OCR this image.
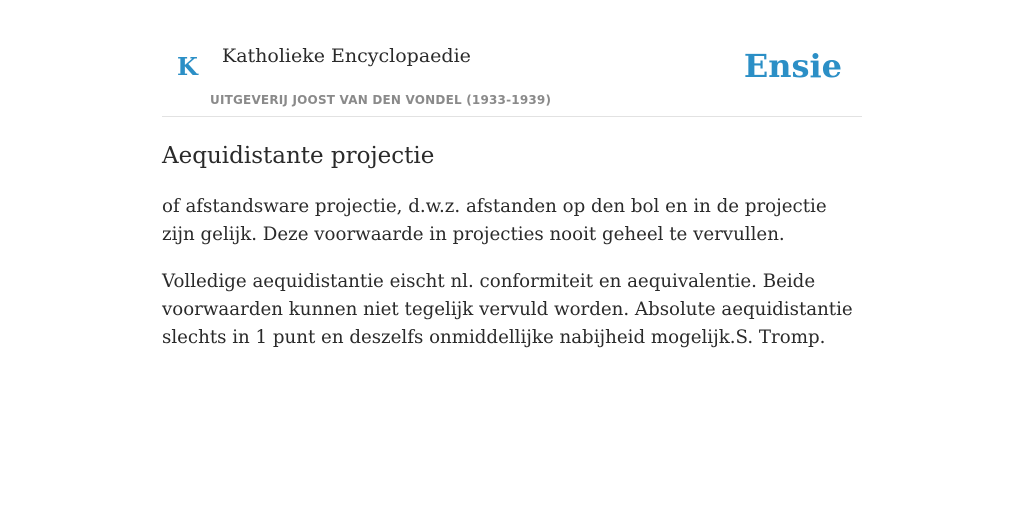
K Katholieke Encyclopaedie
UITGEVERIJ JOOST VAN DEN VONDEL (1933-1939)
Ensie
Aequidistante projectie

of afstandsware projectie, d.w.z. afstanden op den bol en in de projectie zijn gelijk. Deze voorwaarde in projecties nooit geheel te vervullen.

Volledige aequidistantie eischt nl. conformiteit en aequivalentie. Beide voorwaarden kunnen niet tegelijk vervuld worden. Absolute aequidistantie slechts in 1 punt en deszelfs onmiddellijke nabijheid mogelijk.S. Tromp.
